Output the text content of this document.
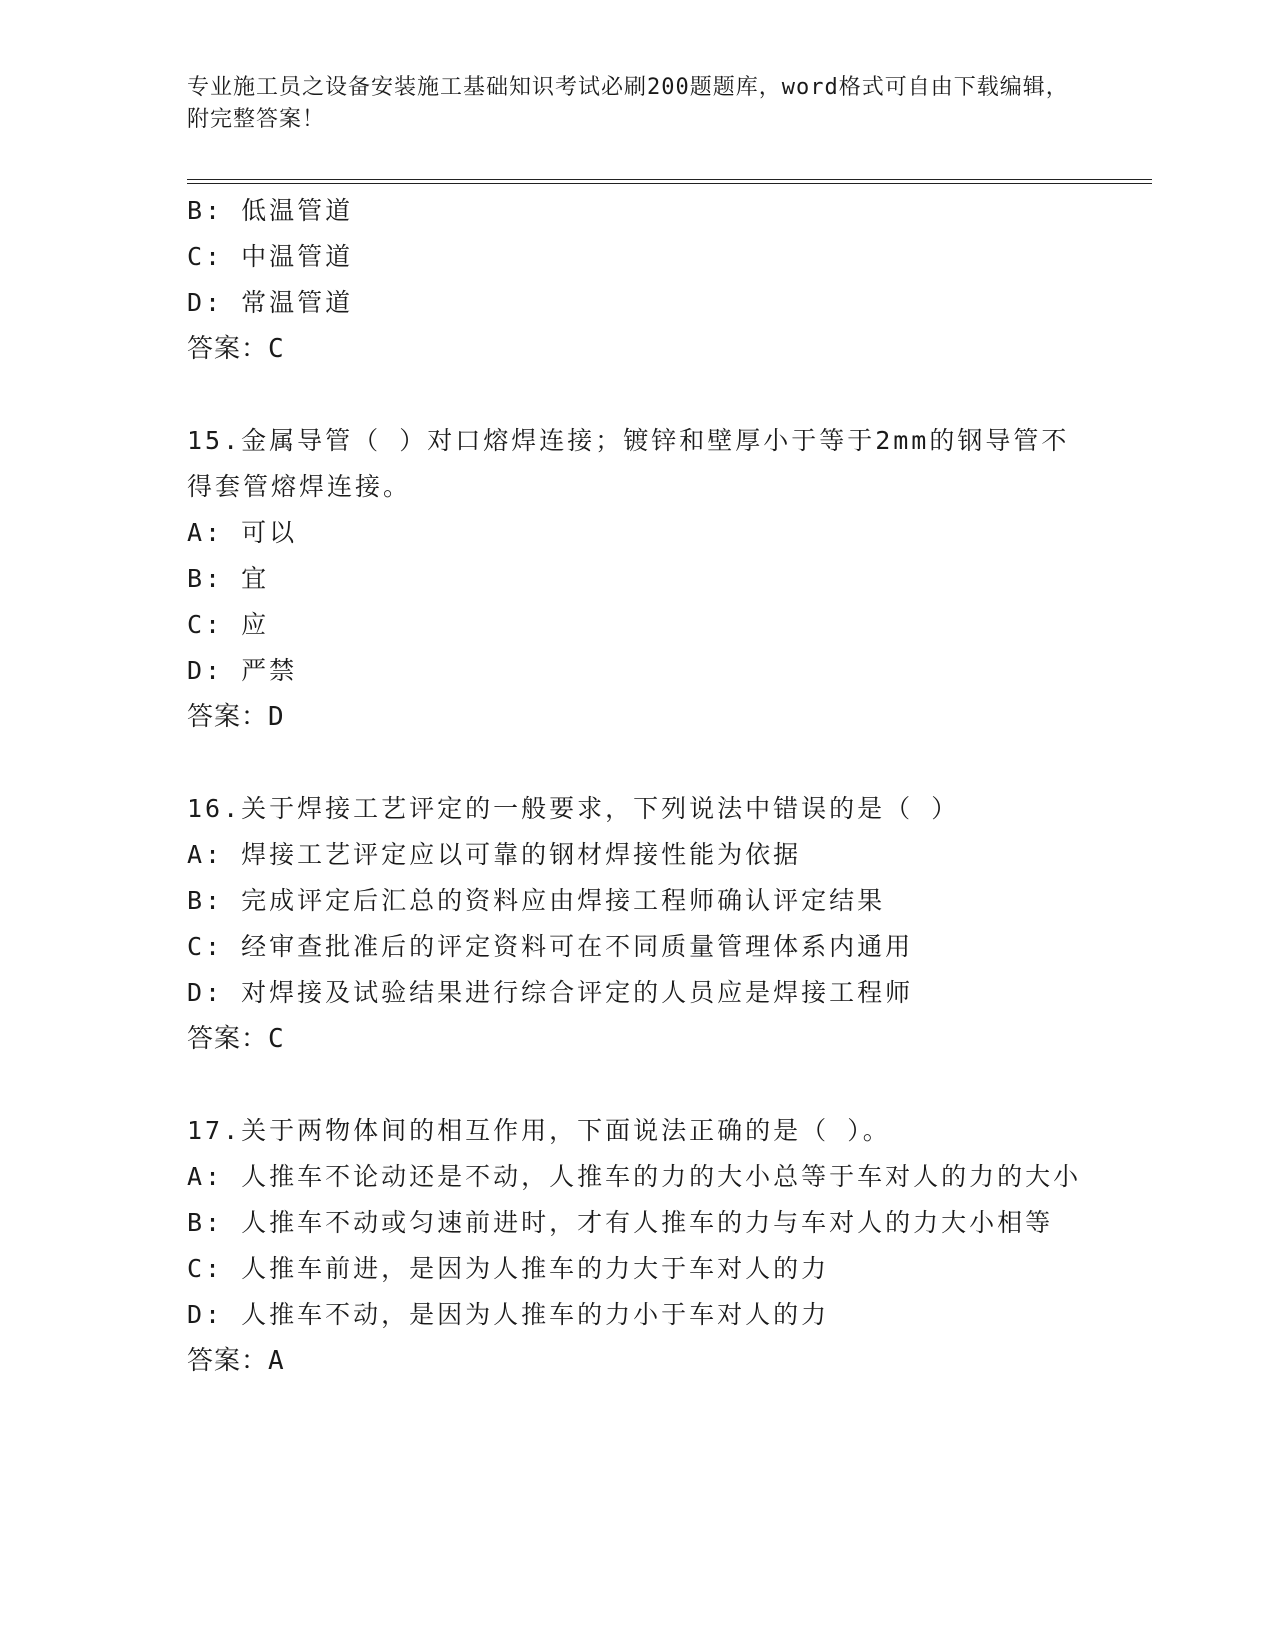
专业施工员之设备安装施工基础知识考试必刷200题题库，word格式可自由下载编辑，附完整答案！
B: 低温管道
C: 中温管道
D: 常温管道
答案：C
15.金属导管（ ）对口熔焊连接；镀锌和壁厚小于等于2mm的钢导管不得套管熔焊连接。
A: 可以
B: 宜
C: 应
D: 严禁
答案：D
16.关于焊接工艺评定的一般要求，下列说法中错误的是（ ）
A: 焊接工艺评定应以可靠的钢材焊接性能为依据
B: 完成评定后汇总的资料应由焊接工程师确认评定结果
C: 经审查批准后的评定资料可在不同质量管理体系内通用
D: 对焊接及试验结果进行综合评定的人员应是焊接工程师
答案：C
17.关于两物体间的相互作用，下面说法正确的是（ ）。
A: 人推车不论动还是不动，人推车的力的大小总等于车对人的力的大小
B: 人推车不动或匀速前进时，才有人推车的力与车对人的力大小相等
C: 人推车前进，是因为人推车的力大于车对人的力
D: 人推车不动，是因为人推车的力小于车对人的力
答案：A
